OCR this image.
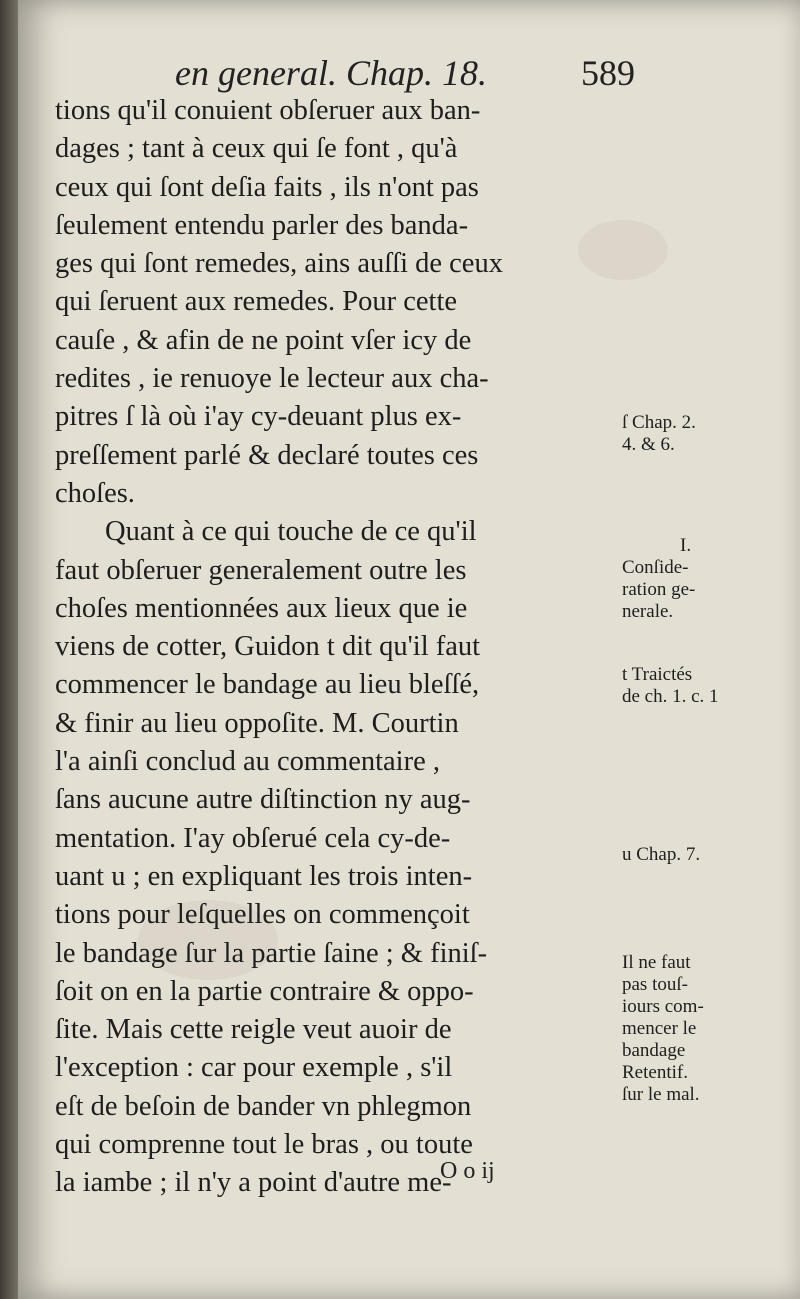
en general. Chap. 18.	589
tions qu'il conuient obſeruer aux ban-
dages ; tant à ceux qui ſe font , qu'à
ceux qui ſont deſia faits , ils n'ont pas
ſeulement entendu parler des banda-
ges qui ſont remedes, ains auſſi de ceux
qui ſeruent aux remedes. Pour cette
cauſe , & afin de ne point vſer icy de
redites , ie renuoye le lecteur aux cha-
pitres ſ là où i'ay cy-deuant plus ex-
preſſement parlé & declaré toutes ces
choſes.
Quant à ce qui touche de ce qu'il
faut obſeruer generalement outre les
choſes mentionnées aux lieux que ie
viens de cotter, Guidon t dit qu'il faut
commencer le bandage au lieu bleſſé,
& finir au lieu oppoſite. M. Courtin
l'a ainſi conclud au commentaire ,
ſans aucune autre diſtinction ny aug-
mentation. I'ay obſerué cela cy-de-
uant u ; en expliquant les trois inten-
tions pour leſquelles on commençoit
le bandage ſur la partie ſaine ; & finiſ-
ſoit on en la partie contraire & oppo-
ſite. Mais cette reigle veut auoir de
l'exception : car pour exemple , s'il
eſt de beſoin de bander vn phlegmon
qui comprenne tout le bras , ou toute
la iambe ; il n'y a point d'autre me-
ſ Chap. 2.
4. & 6.
I.
Conſide-
ration ge-
nerale.
t Traictés
de ch. 1. c. 1
u Chap. 7.
Il ne faut
pas touſ-
iours com-
mencer le
bandage
Retentif.
ſur le mal.
O o ij
